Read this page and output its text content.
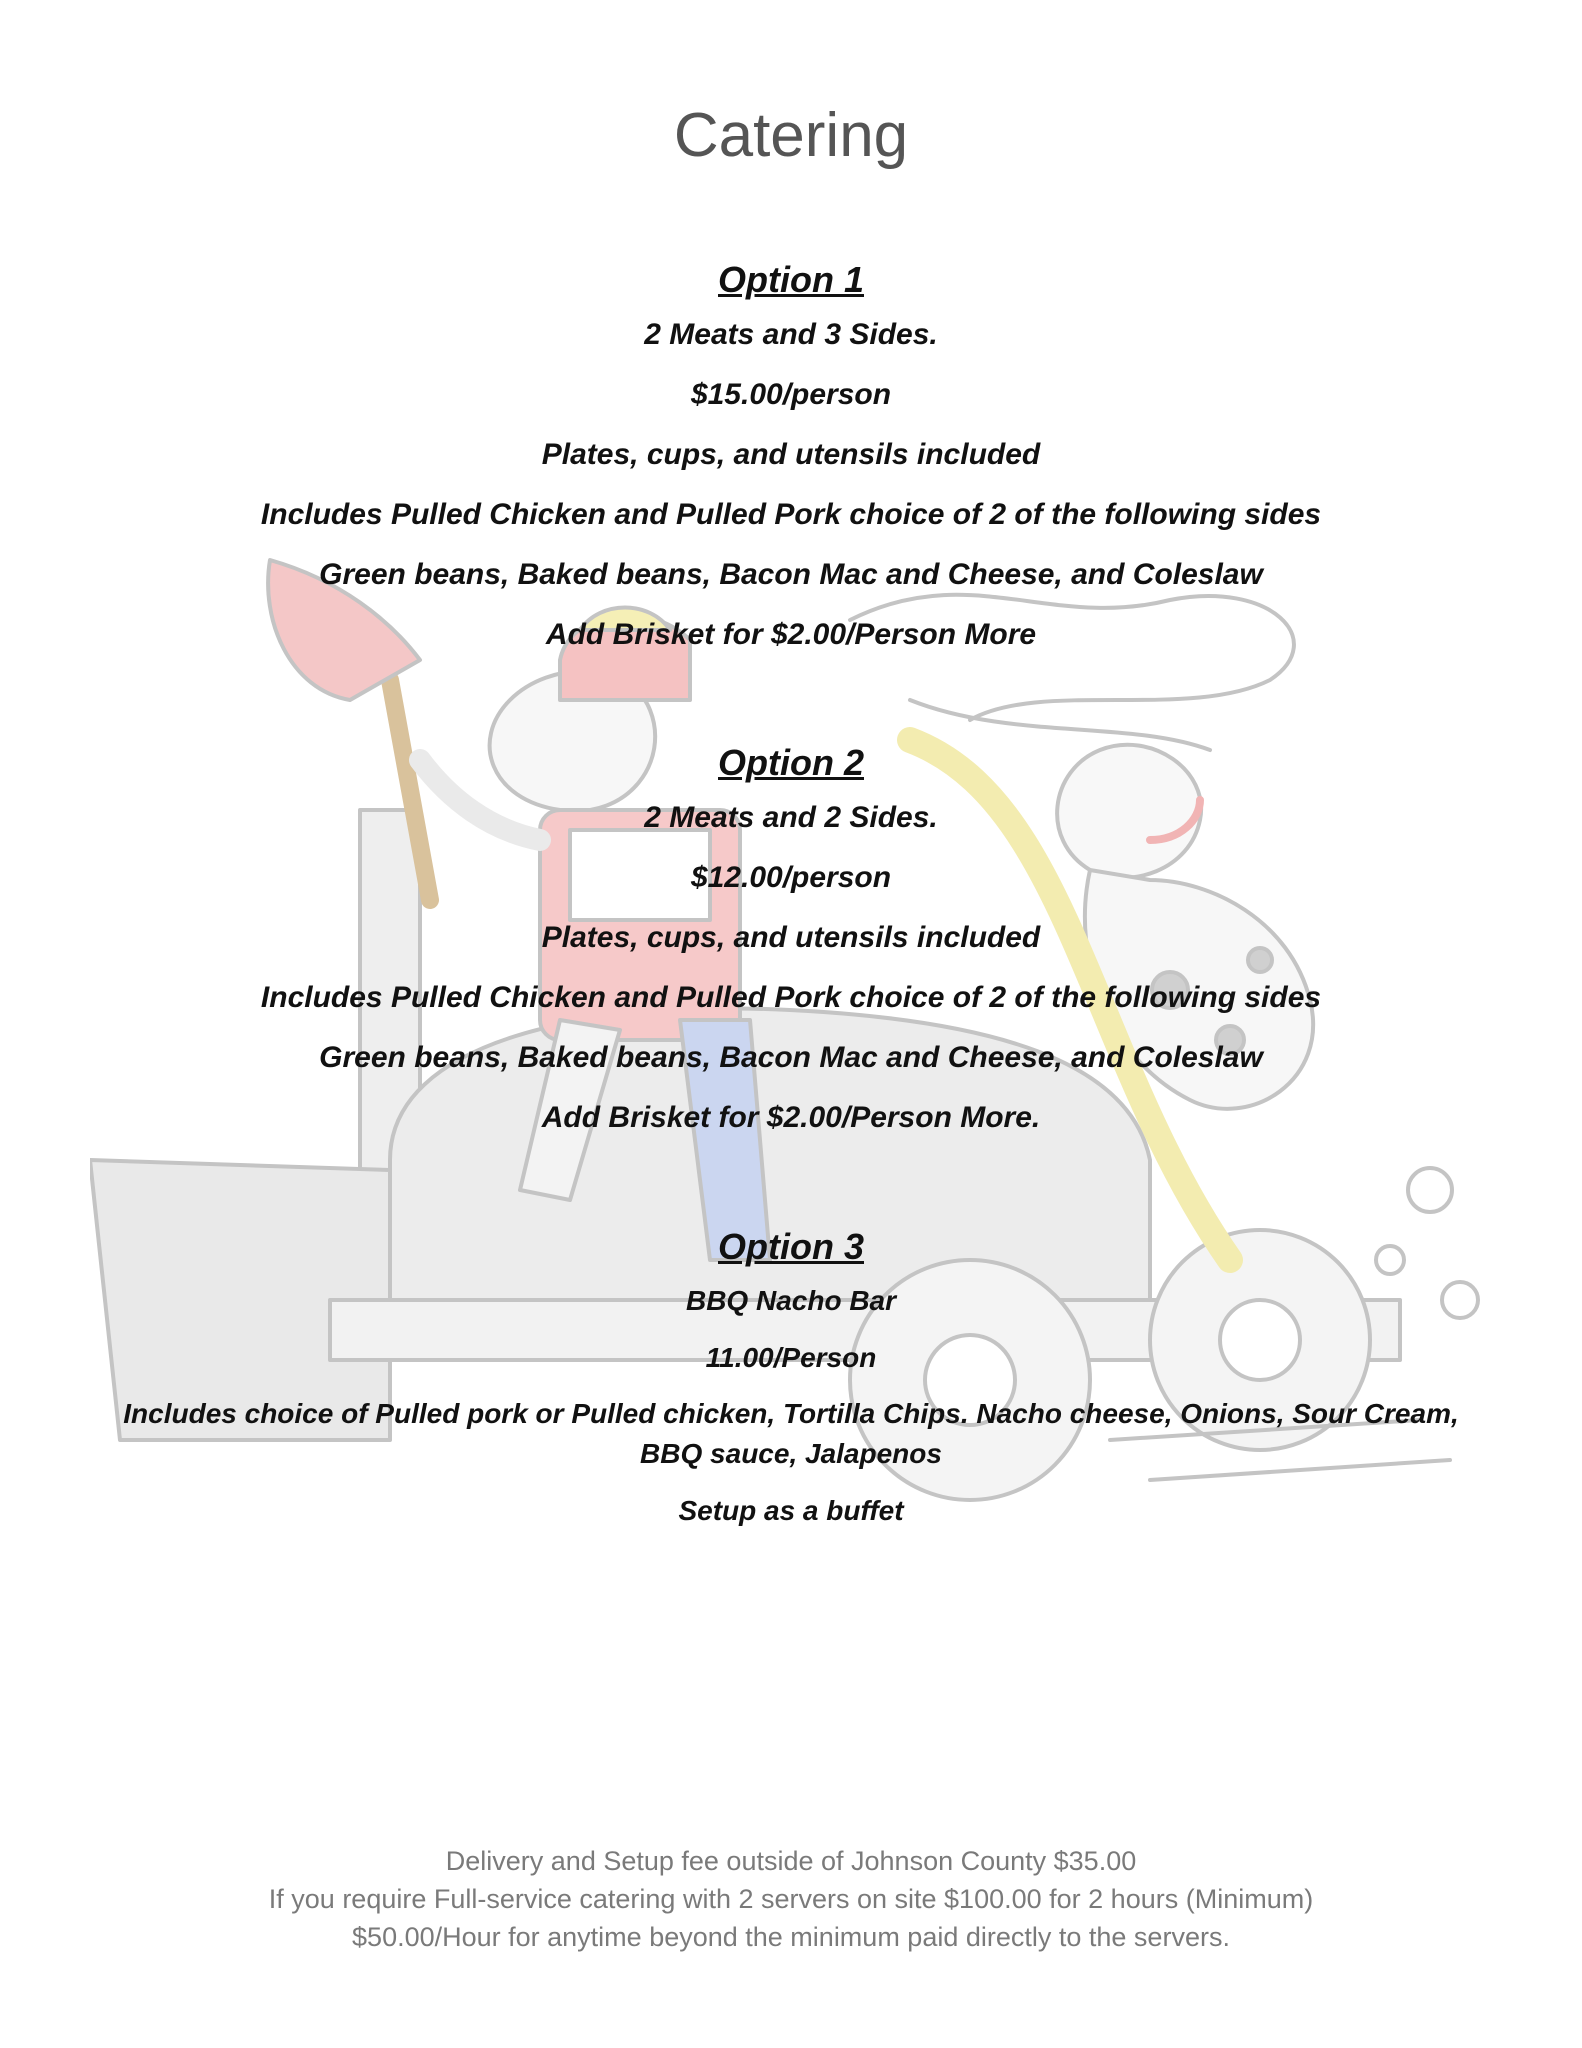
Catering

Option 1

2 Meats and 3 Sides.

$15.00/person

Plates, cups, and utensils included

Includes Pulled Chicken and Pulled Pork choice of 2 of the following sides

Green beans, Baked beans, Bacon Mac and Cheese, and Coleslaw

Add Brisket for $2.00/Person More

Option 2

2 Meats and 2 Sides.

$12.00/person

Plates, cups, and utensils included

Includes Pulled Chicken and Pulled Pork choice of 2 of the following sides

Green beans, Baked beans, Bacon Mac and Cheese, and Coleslaw

Add Brisket for $2.00/Person More.

Option 3

BBQ Nacho Bar

11.00/Person

Includes choice of Pulled pork or Pulled chicken, Tortilla Chips. Nacho cheese, Onions, Sour Cream, BBQ sauce, Jalapenos

Setup as a buffet

Delivery and Setup fee outside of Johnson County $35.00

If you require Full-service catering with 2 servers on site $100.00 for 2 hours (Minimum)

$50.00/Hour for anytime beyond the minimum paid directly to the servers.
